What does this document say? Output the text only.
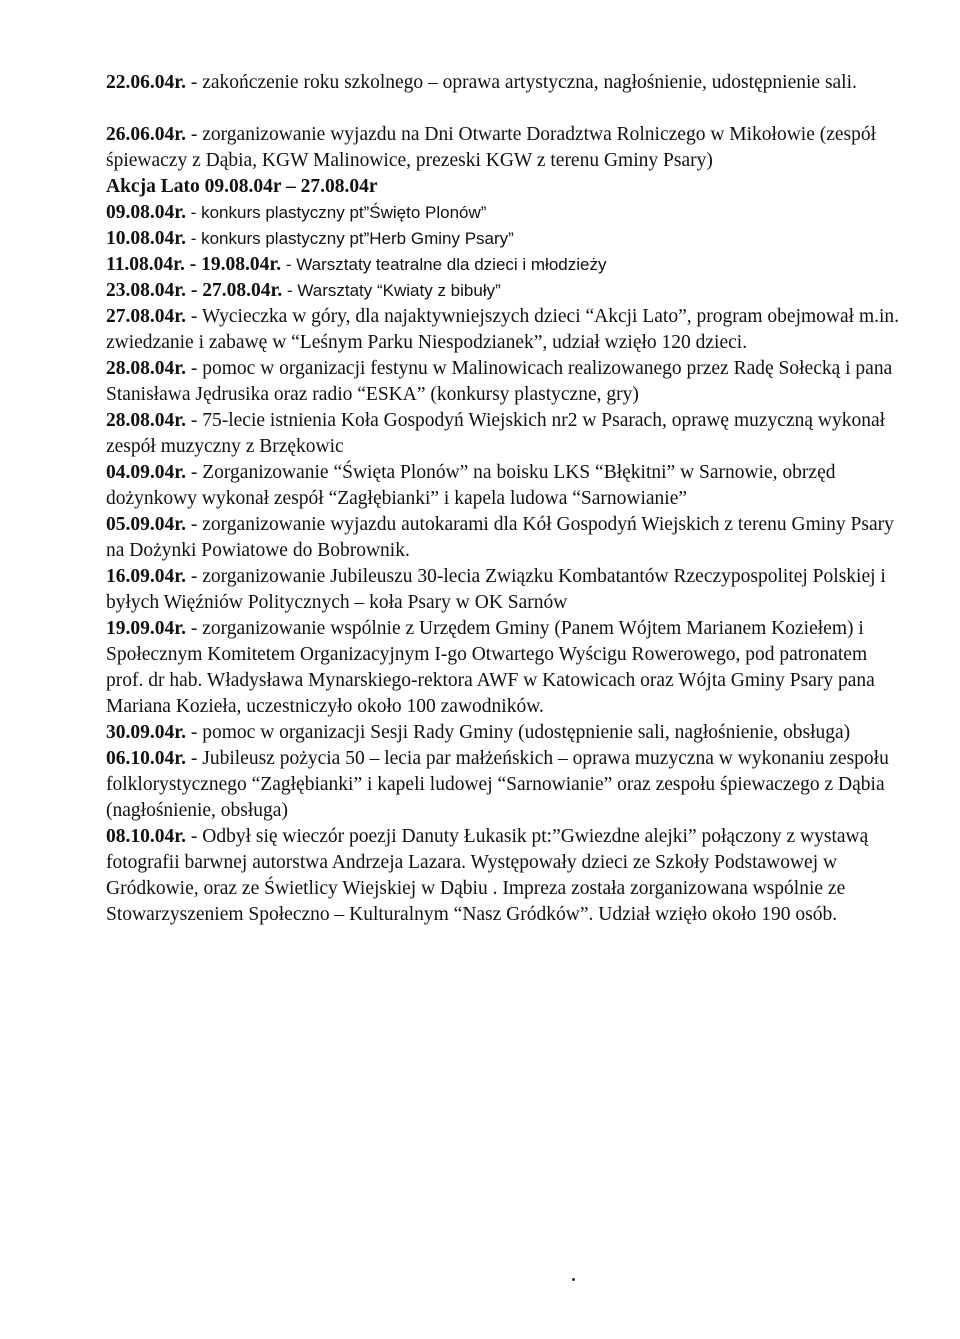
22.06.04r. - zakończenie roku szkolnego – oprawa artystyczna, nagłośnienie, udostępnienie sali.

26.06.04r. - zorganizowanie wyjazdu na Dni Otwarte Doradztwa Rolniczego w Mikołowie (zespół śpiewaczy z Dąbia, KGW Malinowice, prezeski KGW z terenu Gminy Psary)

Akcja Lato 09.08.04r – 27.08.04r

09.08.04r. - konkurs plastyczny pt”Święto Plonów”

10.08.04r. - konkurs plastyczny pt”Herb Gminy Psary”

11.08.04r. - 19.08.04r. - Warsztaty teatralne dla dzieci i młodzieży

23.08.04r. - 27.08.04r. - Warsztaty “Kwiaty z bibuły”

27.08.04r. - Wycieczka w góry, dla najaktywniejszych dzieci “Akcji Lato”, program obejmował m.in. zwiedzanie i zabawę w “Leśnym Parku Niespodzianek”, udział wzięło 120 dzieci.

28.08.04r. - pomoc w organizacji festynu w Malinowicach realizowanego przez Radę Sołecką i pana Stanisława Jędrusika oraz radio “ESKA” (konkursy plastyczne, gry)

28.08.04r. - 75-lecie istnienia Koła Gospodyń Wiejskich nr2 w Psarach, oprawę muzyczną wykonał zespół muzyczny z Brzękowic

04.09.04r. - Zorganizowanie “Święta Plonów” na boisku LKS “Błękitni” w Sarnowie, obrzęd dożynkowy wykonał zespół “Zagłębianki” i kapela ludowa “Sarnowianie”

05.09.04r. - zorganizowanie wyjazdu autokarami dla Kół Gospodyń Wiejskich z terenu Gminy Psary na Dożynki Powiatowe do Bobrownik.

16.09.04r. - zorganizowanie Jubileuszu 30-lecia Związku Kombatantów Rzeczypospolitej Polskiej i byłych Więźniów Politycznych – koła Psary w OK Sarnów

19.09.04r. - zorganizowanie wspólnie z Urzędem Gminy (Panem Wójtem Marianem Koziełem) i Społecznym Komitetem Organizacyjnym I-go Otwartego Wyścigu Rowerowego, pod patronatem prof. dr hab. Władysława Mynarskiego-rektora AWF w Katowicach oraz Wójta Gminy Psary pana Mariana Kozieła, uczestniczyło około 100 zawodników.

30.09.04r. - pomoc w organizacji Sesji Rady Gminy (udostępnienie sali, nagłośnienie, obsługa)

06.10.04r. - Jubileusz pożycia 50 – lecia par małżeńskich – oprawa muzyczna w wykonaniu zespołu folklorystycznego “Zagłębianki” i kapeli ludowej “Sarnowianie” oraz zespołu śpiewaczego z Dąbia (nagłośnienie, obsługa)

08.10.04r. - Odbył się wieczór poezji Danuty Łukasik pt:”Gwiezdne alejki” połączony z wystawą fotografii barwnej autorstwa Andrzeja Lazara. Występowały dzieci ze Szkoły Podstawowej w Gródkowie, oraz ze Świetlicy Wiejskiej w Dąbiu . Impreza została zorganizowana wspólnie ze Stowarzyszeniem Społeczno – Kulturalnym “Nasz Gródków”. Udział wzięło około 190 osób.
